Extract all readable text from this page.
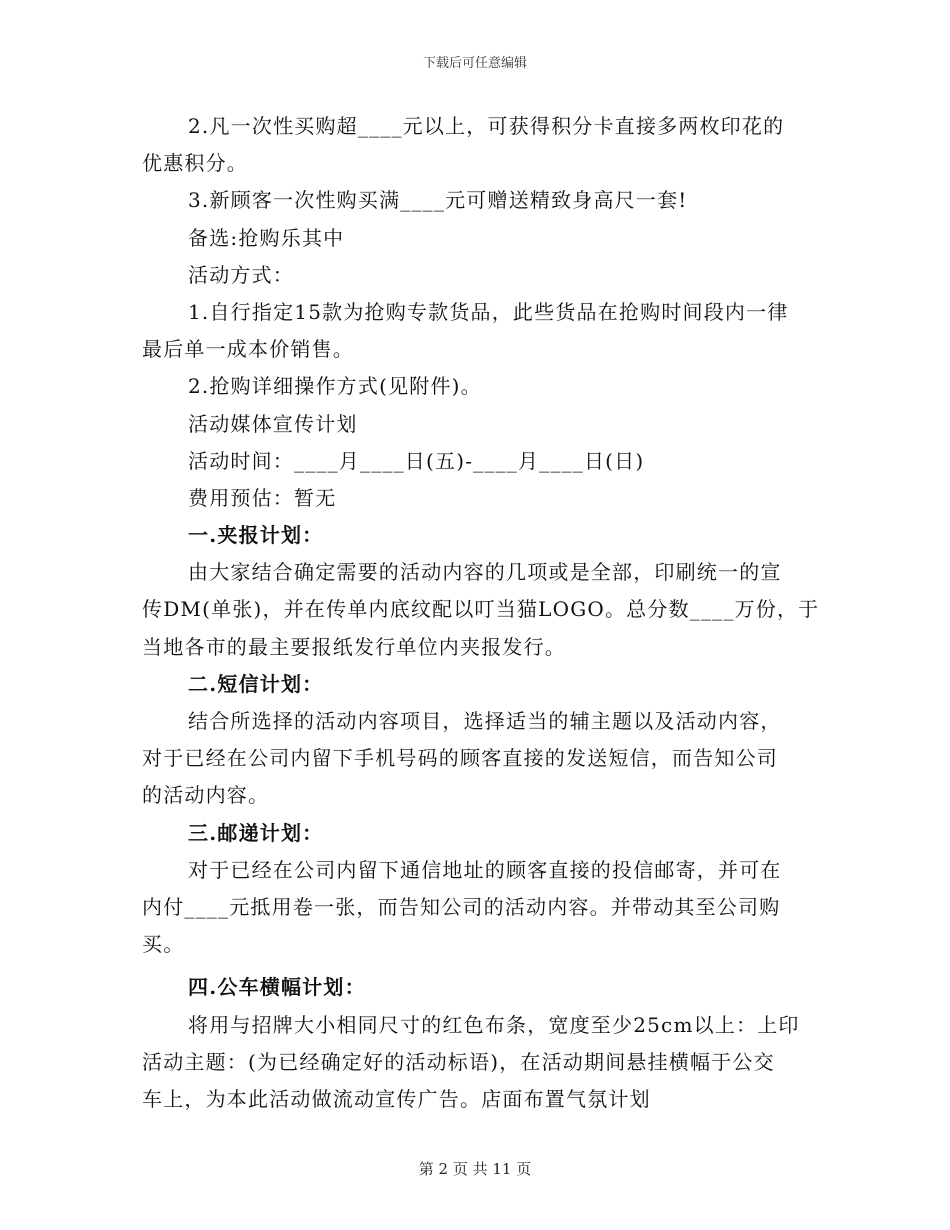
下载后可任意编辑
2.凡一次性买购超____元以上，可获得积分卡直接多两枚印花的
优惠积分。
3.新顾客一次性购买满____元可赠送精致身高尺一套!
备选:抢购乐其中
活动方式：
1.自行指定15款为抢购专款货品，此些货品在抢购时间段内一律
最后单一成本价销售。
2.抢购详细操作方式(见附件)。
活动媒体宣传计划
活动时间：____月____日(五)-____月____日(日)
费用预估：暂无
一.夹报计划：
由大家结合确定需要的活动内容的几项或是全部，印刷统一的宣
传DM(单张)，并在传单内底纹配以叮当猫LOGO。总分数____万份，于
当地各市的最主要报纸发行单位内夹报发行。
二.短信计划：
结合所选择的活动内容项目，选择适当的辅主题以及活动内容，
对于已经在公司内留下手机号码的顾客直接的发送短信，而告知公司
的活动内容。
三.邮递计划：
对于已经在公司内留下通信地址的顾客直接的投信邮寄，并可在
内付____元抵用卷一张，而告知公司的活动内容。并带动其至公司购
买。
四.公车横幅计划：
将用与招牌大小相同尺寸的红色布条，宽度至少25cm以上：上印
活动主题：(为已经确定好的活动标语)，在活动期间悬挂横幅于公交
车上，为本此活动做流动宣传广告。店面布置气氛计划
第 2 页 共 11 页
